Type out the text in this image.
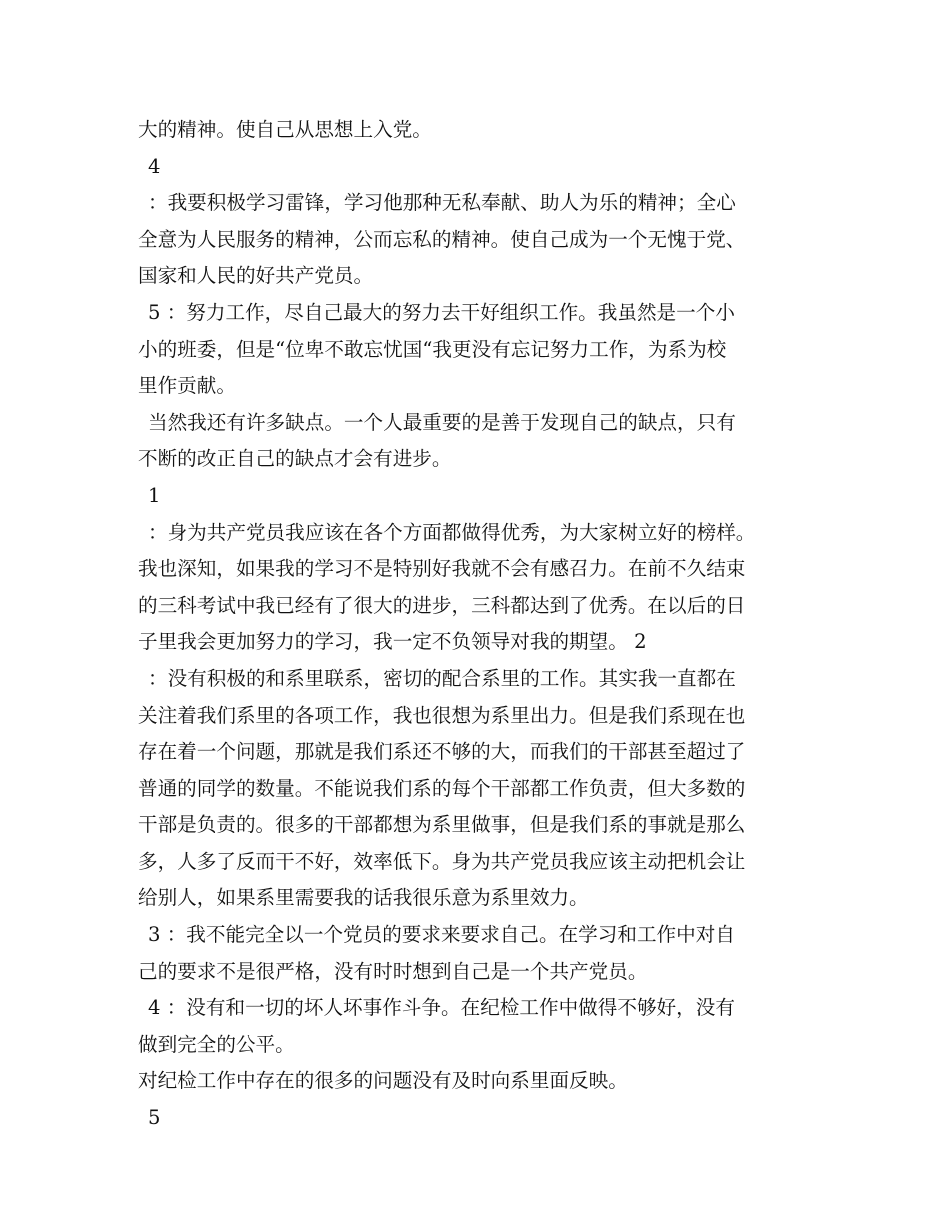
大的精神。使自己从思想上入党。
4
：我要积极学习雷锋，学习他那种无私奉献、助人为乐的精神；全心
全意为人民服务的精神，公而忘私的精神。使自己成为一个无愧于党、
国家和人民的好共产党员。
5 ：努力工作，尽自己最大的努力去干好组织工作。我虽然是一个小
小的班委，但是“位卑不敢忘忧国“我更没有忘记努力工作，为系为校
里作贡献。
当然我还有许多缺点。一个人最重要的是善于发现自己的缺点，只有
不断的改正自己的缺点才会有进步。
1
：身为共产党员我应该在各个方面都做得优秀，为大家树立好的榜样。
我也深知，如果我的学习不是特别好我就不会有感召力。在前不久结束
的三科考试中我已经有了很大的进步，三科都达到了优秀。在以后的日
子里我会更加努力的学习，我一定不负领导对我的期望。 2
：没有积极的和系里联系，密切的配合系里的工作。其实我一直都在
关注着我们系里的各项工作，我也很想为系里出力。但是我们系现在也
存在着一个问题，那就是我们系还不够的大，而我们的干部甚至超过了
普通的同学的数量。不能说我们系的每个干部都工作负责，但大多数的
干部是负责的。很多的干部都想为系里做事，但是我们系的事就是那么
多，人多了反而干不好，效率低下。身为共产党员我应该主动把机会让
给别人，如果系里需要我的话我很乐意为系里效力。
3 ：我不能完全以一个党员的要求来要求自己。在学习和工作中对自
己的要求不是很严格，没有时时想到自己是一个共产党员。
4 ：没有和一切的坏人坏事作斗争。在纪检工作中做得不够好，没有
做到完全的公平。
对纪检工作中存在的很多的问题没有及时向系里面反映。
5
